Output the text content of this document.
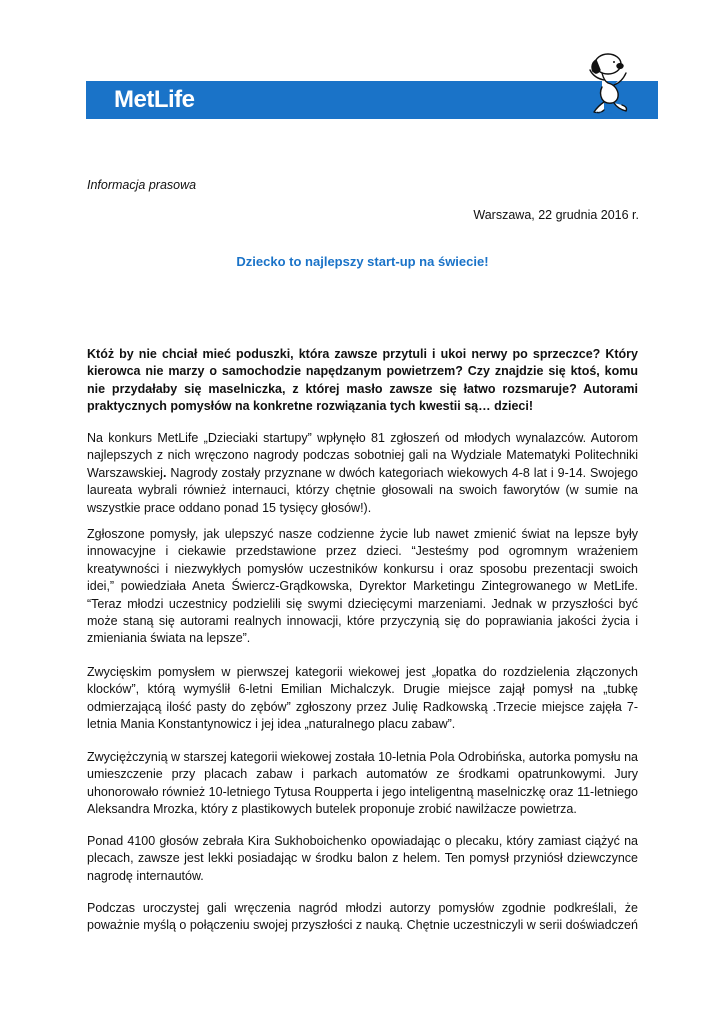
MetLife	© Peanuts
Informacja prasowa
Warszawa, 22 grudnia 2016 r.
Dziecko to najlepszy start-up na świecie!

Któż by nie chciał mieć poduszki, która zawsze przytuli i ukoi nerwy po sprzeczce? Który kierowca nie marzy o samochodzie napędzanym powietrzem? Czy znajdzie się ktoś, komu nie przydałaby się maselniczka, z której masło zawsze się łatwo rozsmaruje? Autorami praktycznych pomysłów na konkretne rozwiązania tych kwestii są… dzieci!

Na konkurs MetLife „Dzieciaki startupy” wpłynęło 81 zgłoszeń od młodych wynalazców. Autorom najlepszych z nich wręczono nagrody podczas sobotniej gali na Wydziale Matematyki Politechniki Warszawskiej. Nagrody zostały przyznane w dwóch kategoriach wiekowych 4-8 lat i 9-14. Swojego laureata wybrali również internauci, którzy chętnie głosowali na swoich faworytów (w sumie na wszystkie prace oddano ponad 15 tysięcy głosów!).

Zgłoszone pomysły, jak ulepszyć nasze codzienne życie lub nawet zmienić świat na lepsze były innowacyjne i ciekawie przedstawione przez dzieci. “Jesteśmy pod ogromnym wrażeniem kreatywności i niezwykłych pomysłów uczestników konkursu i oraz sposobu prezentacji swoich idei,” powiedziała Aneta Świercz-Grądkowska, Dyrektor Marketingu Zintegrowanego w MetLife. “Teraz młodzi uczestnicy podzielili się swymi dziecięcymi marzeniami. Jednak w przyszłości być może staną się autorami realnych innowacji, które przyczynią się do poprawiania jakości życia i zmieniania świata na lepsze”.

Zwycięskim pomysłem w pierwszej kategorii wiekowej jest „łopatka do rozdzielenia złączonych klocków”, którą wymyślił 6-letni Emilian Michalczyk. Drugie miejsce zajął pomysł na „tubkę odmierzającą ilość pasty do zębów” zgłoszony przez Julię Radkowską .Trzecie miejsce zajęła 7-letnia Mania Konstantynowicz i jej idea „naturalnego placu zabaw”.

Zwyciężczynią w starszej kategorii wiekowej została 10-letnia Pola Odrobińska, autorka pomysłu na umieszczenie przy placach zabaw i parkach automatów ze środkami opatrunkowymi. Jury uhonorowało również 10-letniego Tytusa Roupperta i jego inteligentną maselniczkę oraz 11-letniego Aleksandra Mrozka, który z plastikowych butelek proponuje zrobić nawilżacze powietrza.

Ponad 4100 głosów zebrała Kira Sukhoboichenko opowiadając o plecaku, który zamiast ciążyć na plecach, zawsze jest lekki posiadając w środku balon z helem. Ten pomysł przyniósł dziewczynce nagrodę internautów.

Podczas uroczystej gali wręczenia nagród młodzi autorzy pomysłów zgodnie podkreślali, że poważnie myślą o połączeniu swojej przyszłości z nauką. Chętnie uczestniczyli w serii doświadczeń
